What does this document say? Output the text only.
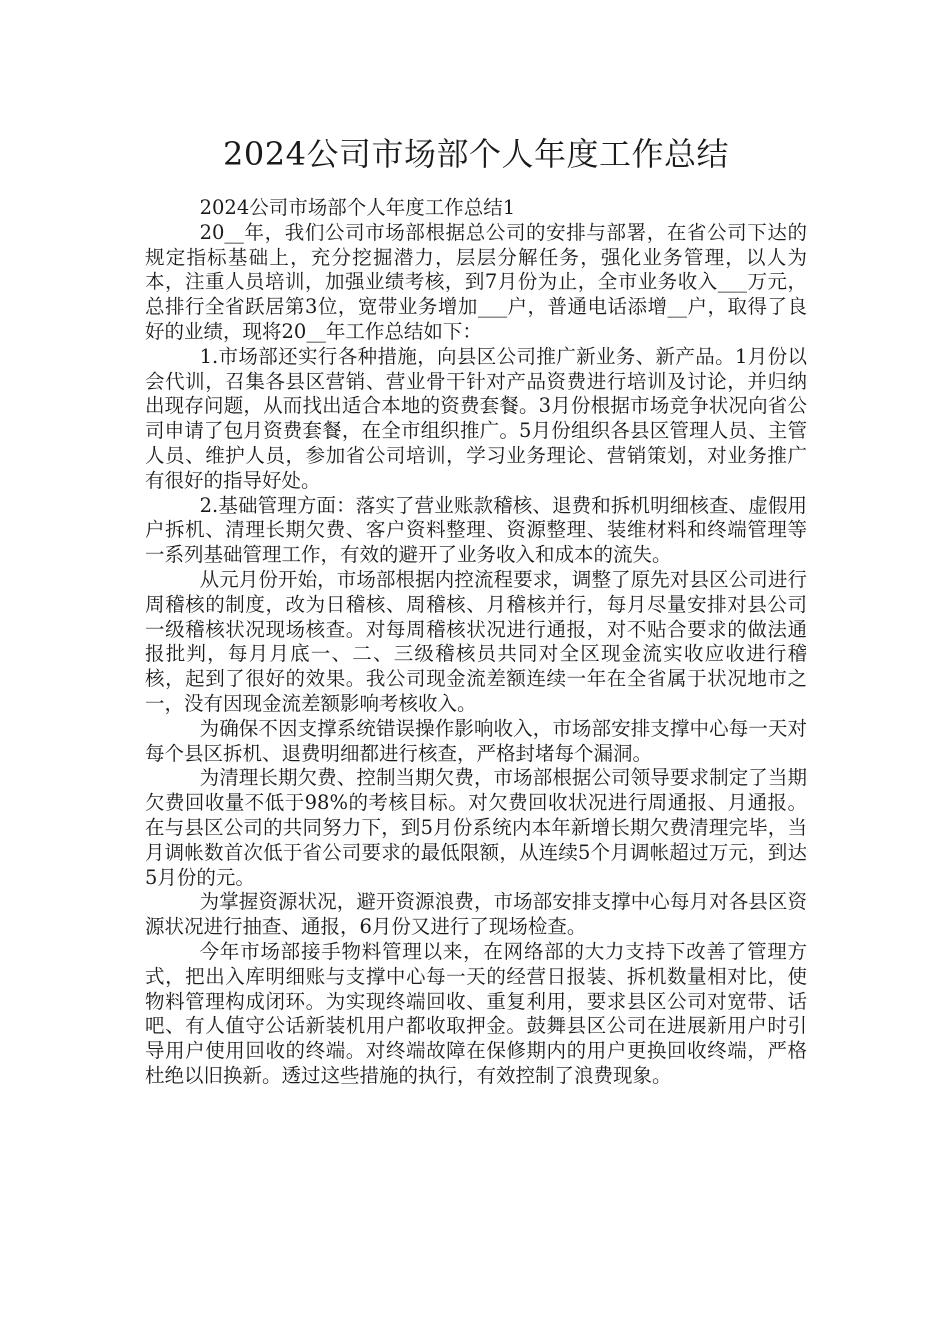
2024公司市场部个人年度工作总结

2024公司市场部个人年度工作总结1

20__年，我们公司市场部根据总公司的安排与部署，在省公司下达的规定指标基础上，充分挖掘潜力，层层分解任务，强化业务管理，以人为本，注重人员培训，加强业绩考核，到7月份为止，全市业务收入___万元，总排行全省跃居第3位，宽带业务增加___户，普通电话添增__户，取得了良好的业绩，现将20__年工作总结如下：

1.市场部还实行各种措施，向县区公司推广新业务、新产品。1月份以会代训，召集各县区营销、营业骨干针对产品资费进行培训及讨论，并归纳出现存问题，从而找出适合本地的资费套餐。3月份根据市场竞争状况向省公司申请了包月资费套餐，在全市组织推广。5月份组织各县区管理人员、主管人员、维护人员，参加省公司培训，学习业务理论、营销策划，对业务推广有很好的指导好处。

2.基础管理方面：落实了营业账款稽核、退费和拆机明细核查、虚假用户拆机、清理长期欠费、客户资料整理、资源整理、装维材料和终端管理等一系列基础管理工作，有效的避开了业务收入和成本的流失。

从元月份开始，市场部根据内控流程要求，调整了原先对县区公司进行周稽核的制度，改为日稽核、周稽核、月稽核并行，每月尽量安排对县公司一级稽核状况现场核查。对每周稽核状况进行通报，对不贴合要求的做法通报批判，每月月底一、二、三级稽核员共同对全区现金流实收应收进行稽核，起到了很好的效果。我公司现金流差额连续一年在全省属于状况地市之一，没有因现金流差额影响考核收入。

为确保不因支撑系统错误操作影响收入，市场部安排支撑中心每一天对每个县区拆机、退费明细都进行核查，严格封堵每个漏洞。

为清理长期欠费、控制当期欠费，市场部根据公司领导要求制定了当期欠费回收量不低于98%的考核目标。对欠费回收状况进行周通报、月通报。在与县区公司的共同努力下，到5月份系统内本年新增长期欠费清理完毕，当月调帐数首次低于省公司要求的最低限额，从连续5个月调帐超过万元，到达5月份的元。

为掌握资源状况，避开资源浪费，市场部安排支撑中心每月对各县区资源状况进行抽查、通报，6月份又进行了现场检查。

今年市场部接手物料管理以来，在网络部的大力支持下改善了管理方式，把出入库明细账与支撑中心每一天的经营日报装、拆机数量相对比，使物料管理构成闭环。为实现终端回收、重复利用，要求县区公司对宽带、话吧、有人值守公话新装机用户都收取押金。鼓舞县区公司在进展新用户时引导用户使用回收的终端。对终端故障在保修期内的用户更换回收终端，严格杜绝以旧换新。透过这些措施的执行，有效控制了浪费现象。
